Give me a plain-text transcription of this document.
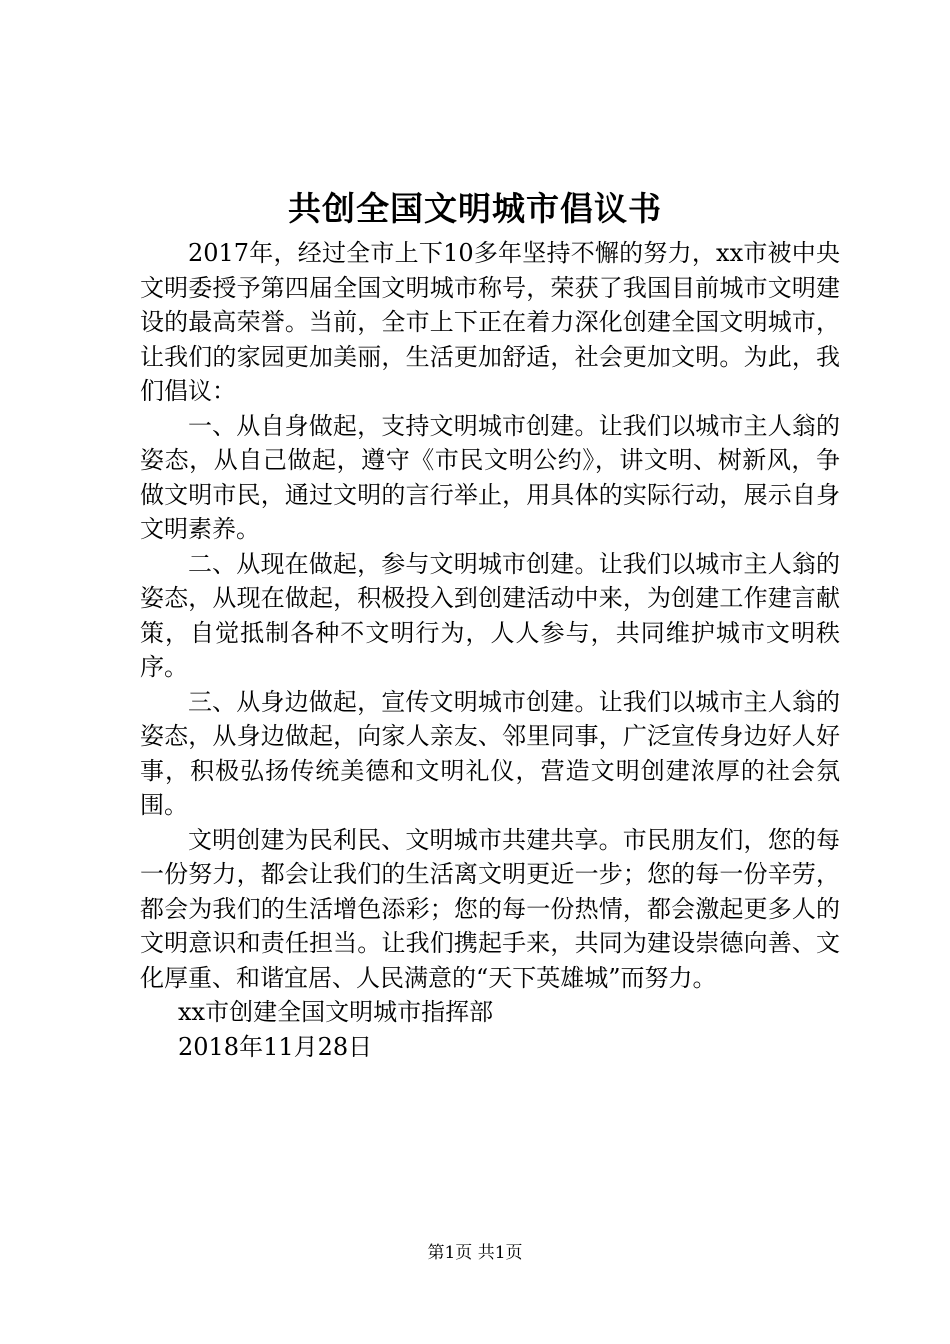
共创全国文明城市倡议书

2017年，经过全市上下10多年坚持不懈的努力，xx市被中央文明委授予第四届全国文明城市称号，荣获了我国目前城市文明建设的最高荣誉。当前，全市上下正在着力深化创建全国文明城市，让我们的家园更加美丽，生活更加舒适，社会更加文明。为此，我们倡议：

一、从自身做起，支持文明城市创建。让我们以城市主人翁的姿态，从自己做起，遵守《市民文明公约》，讲文明、树新风，争做文明市民，通过文明的言行举止，用具体的实际行动，展示自身文明素养。

二、从现在做起，参与文明城市创建。让我们以城市主人翁的姿态，从现在做起，积极投入到创建活动中来，为创建工作建言献策，自觉抵制各种不文明行为，人人参与，共同维护城市文明秩序。

三、从身边做起，宣传文明城市创建。让我们以城市主人翁的姿态，从身边做起，向家人亲友、邻里同事，广泛宣传身边好人好事，积极弘扬传统美德和文明礼仪，营造文明创建浓厚的社会氛围。

文明创建为民利民、文明城市共建共享。市民朋友们，您的每一份努力，都会让我们的生活离文明更近一步；您的每一份辛劳，都会为我们的生活增色添彩；您的每一份热情，都会激起更多人的文明意识和责任担当。让我们携起手来，共同为建设崇德向善、文化厚重、和谐宜居、人民满意的“天下英雄城”而努力。

xx市创建全国文明城市指挥部

2018年11月28日

第1页 共1页
